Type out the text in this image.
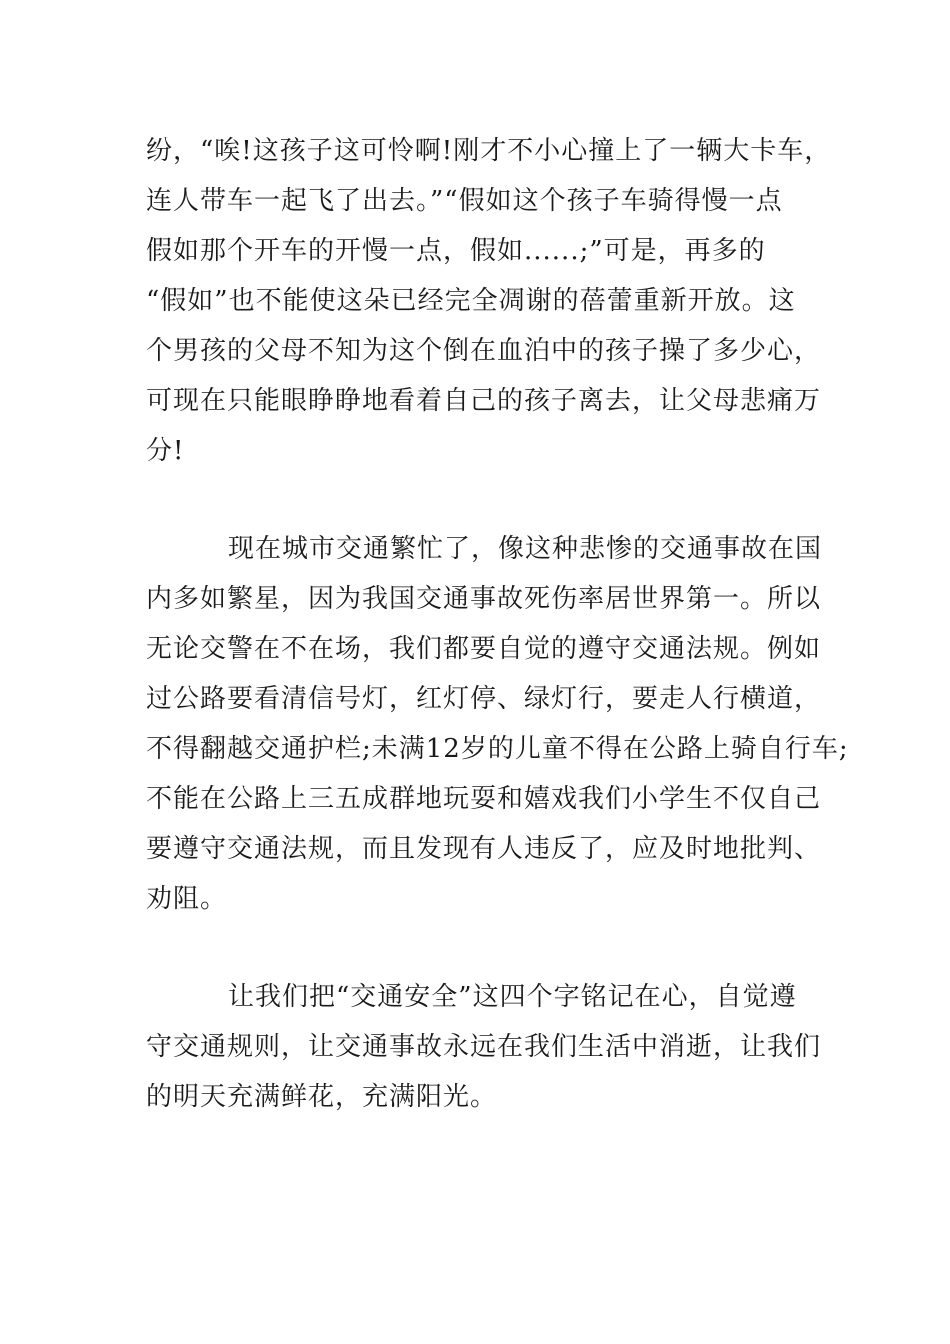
纷，“唉!这孩子这可怜啊!刚才不小心撞上了一辆大卡车，
连人带车一起飞了出去。”“假如这个孩子车骑得慢一点
假如那个开车的开慢一点，假如......;”可是，再多的
“假如”也不能使这朵已经完全凋谢的蓓蕾重新开放。这
个男孩的父母不知为这个倒在血泊中的孩子操了多少心，
可现在只能眼睁睁地看着自己的孩子离去，让父母悲痛万
分!
现在城市交通繁忙了，像这种悲惨的交通事故在国
内多如繁星，因为我国交通事故死伤率居世界第一。所以
无论交警在不在场，我们都要自觉的遵守交通法规。例如
过公路要看清信号灯，红灯停、绿灯行，要走人行横道，
不得翻越交通护栏;未满12岁的儿童不得在公路上骑自行车;
不能在公路上三五成群地玩耍和嬉戏我们小学生不仅自己
要遵守交通法规，而且发现有人违反了，应及时地批判、
劝阻。
让我们把“交通安全”这四个字铭记在心，自觉遵
守交通规则，让交通事故永远在我们生活中消逝，让我们
的明天充满鲜花，充满阳光。
